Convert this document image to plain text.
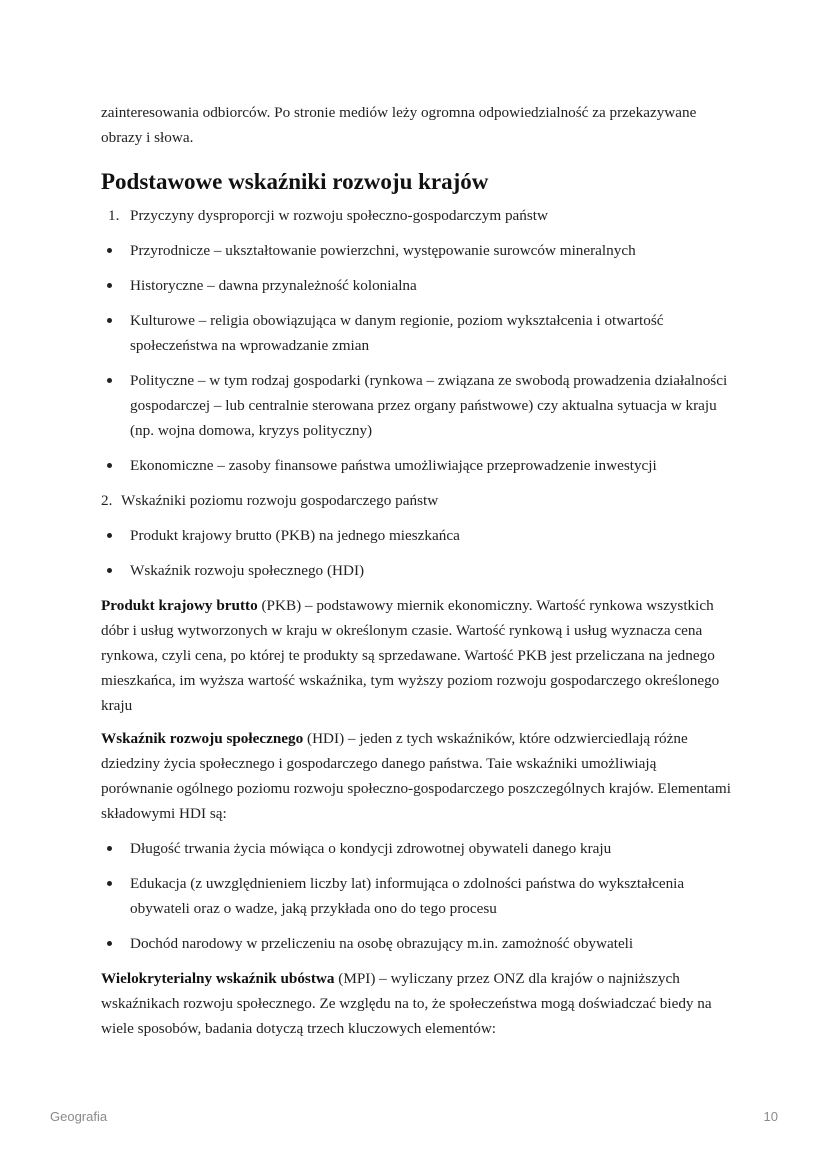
zainteresowania odbiorców. Po stronie mediów leży ogromna odpowiedzialność za przekazywane obrazy i słowa.

Podstawowe wskaźniki rozwoju krajów
1. Przyczyny dysproporcji w rozwoju społeczno-gospodarczym państw
Przyrodnicze – ukształtowanie powierzchni, występowanie surowców mineralnych
Historyczne – dawna przynależność kolonialna
Kulturowe – religia obowiązująca w danym regionie, poziom wykształcenia i otwartość społeczeństwa na wprowadzanie zmian
Polityczne – w tym rodzaj gospodarki (rynkowa – związana ze swobodą prowadzenia działalności gospodarczej – lub centralnie sterowana przez organy państwowe) czy aktualna sytuacja w kraju (np. wojna domowa, kryzys polityczny)
Ekonomiczne – zasoby finansowe państwa umożliwiające przeprowadzenie inwestycji
2. Wskaźniki poziomu rozwoju gospodarczego państw
Produkt krajowy brutto (PKB) na jednego mieszkańca
Wskaźnik rozwoju społecznego (HDI)

Produkt krajowy brutto (PKB) – podstawowy miernik ekonomiczny. Wartość rynkowa wszystkich dóbr i usług wytworzonych w kraju w określonym czasie. Wartość rynkową i usług wyznacza cena rynkowa, czyli cena, po której te produkty są sprzedawane. Wartość PKB jest przeliczana na jednego mieszkańca, im wyższa wartość wskaźnika, tym wyższy poziom rozwoju gospodarczego określonego kraju

Wskaźnik rozwoju społecznego (HDI) – jeden z tych wskaźników, które odzwierciedlają różne dziedziny życia społecznego i gospodarczego danego państwa. Taie wskaźniki umożliwiają porównanie ogólnego poziomu rozwoju społeczno-gospodarczego poszczególnych krajów. Elementami składowymi HDI są:

Długość trwania życia mówiąca o kondycji zdrowotnej obywateli danego kraju
Edukacja (z uwzględnieniem liczby lat) informująca o zdolności państwa do wykształcenia obywateli oraz o wadze, jaką przykłada ono do tego procesu
Dochód narodowy w przeliczeniu na osobę obrazujący m.in. zamożność obywateli

Wielokryterialny wskaźnik ubóstwa (MPI) – wyliczany przez ONZ dla krajów o najniższych wskaźnikach rozwoju społecznego. Ze względu na to, że społeczeństwa mogą doświadczać biedy na wiele sposobów, badania dotyczą trzech kluczowych elementów:

Geografia	10
